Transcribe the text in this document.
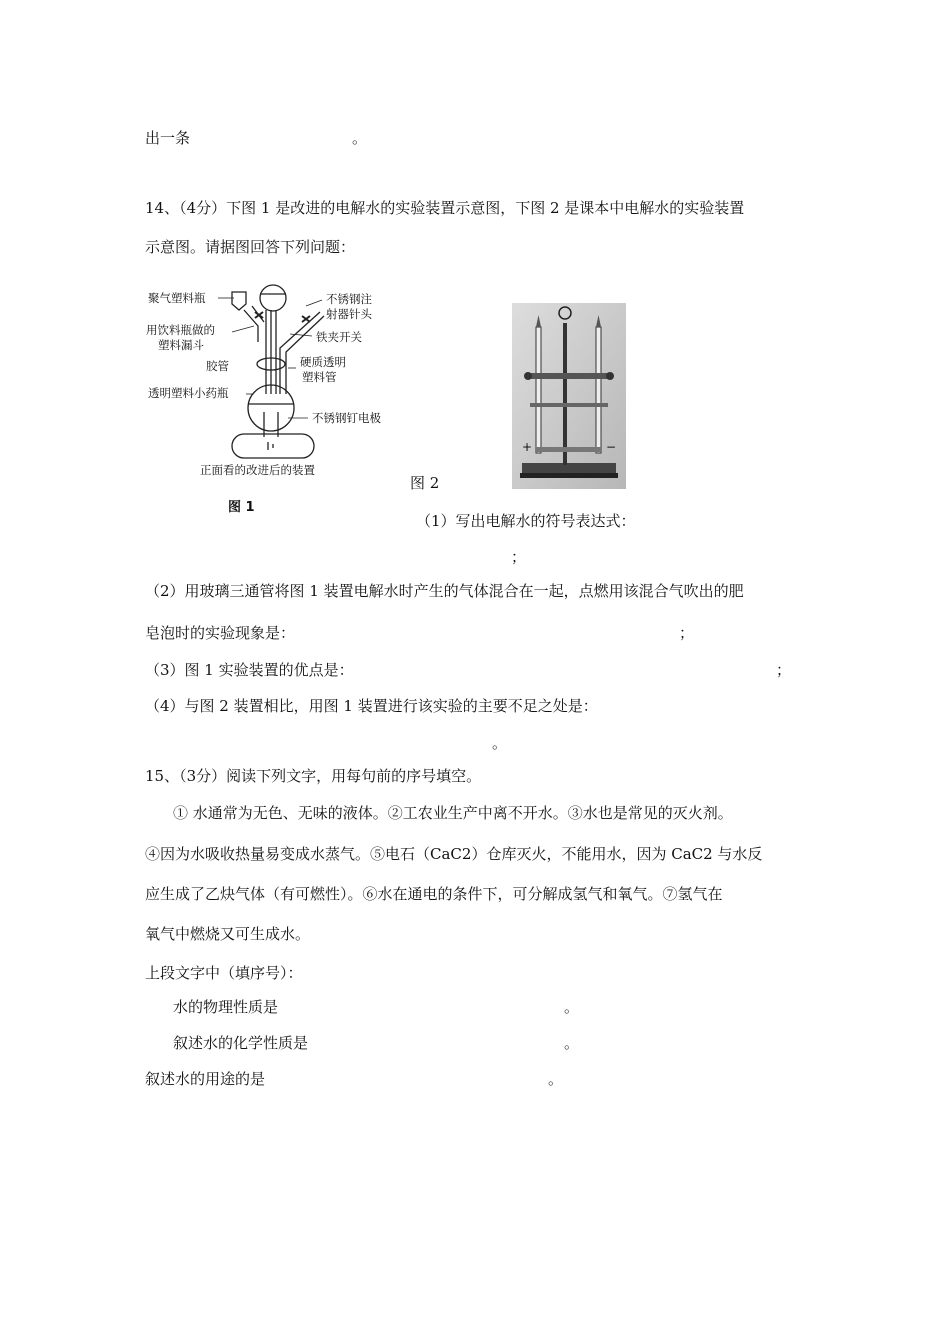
出一条	。
14、（4分）下图 1 是改进的电解水的实验装置示意图，下图 2 是课本中电解水的实验装置
示意图。请据图回答下列问题：
聚气塑料瓶	不锈钢注
射器针头
用饮料瓶做的
塑料漏斗
铁夹开关
胶管	硬质透明
塑料管
透明塑料小药瓶
不锈钢钉电极
正面看的改进后的装置
图 1
+	−
图 2
（1）写出电解水的符号表达式：
；
（2）用玻璃三通管将图 1 装置电解水时产生的气体混合在一起，点燃用该混合气吹出的肥
皂泡时的实验现象是：	；
（3）图 1 实验装置的优点是：	；
（4）与图 2 装置相比，用图 1 装置进行该实验的主要不足之处是：
。
15、（3分）阅读下列文字，用每句前的序号填空。
① 水通常为无色、无味的液体。②工农业生产中离不开水。③水也是常见的灭火剂。
④因为水吸收热量易变成水蒸气。⑤电石（CaC2）仓库灭火，不能用水，因为 CaC2 与水反
应生成了乙炔气体（有可燃性）。⑥水在通电的条件下，可分解成氢气和氧气。⑦氢气在
氧气中燃烧又可生成水。
上段文字中（填序号）：
水的物理性质是	。
叙述水的化学性质是	。
叙述水的用途的是	。
